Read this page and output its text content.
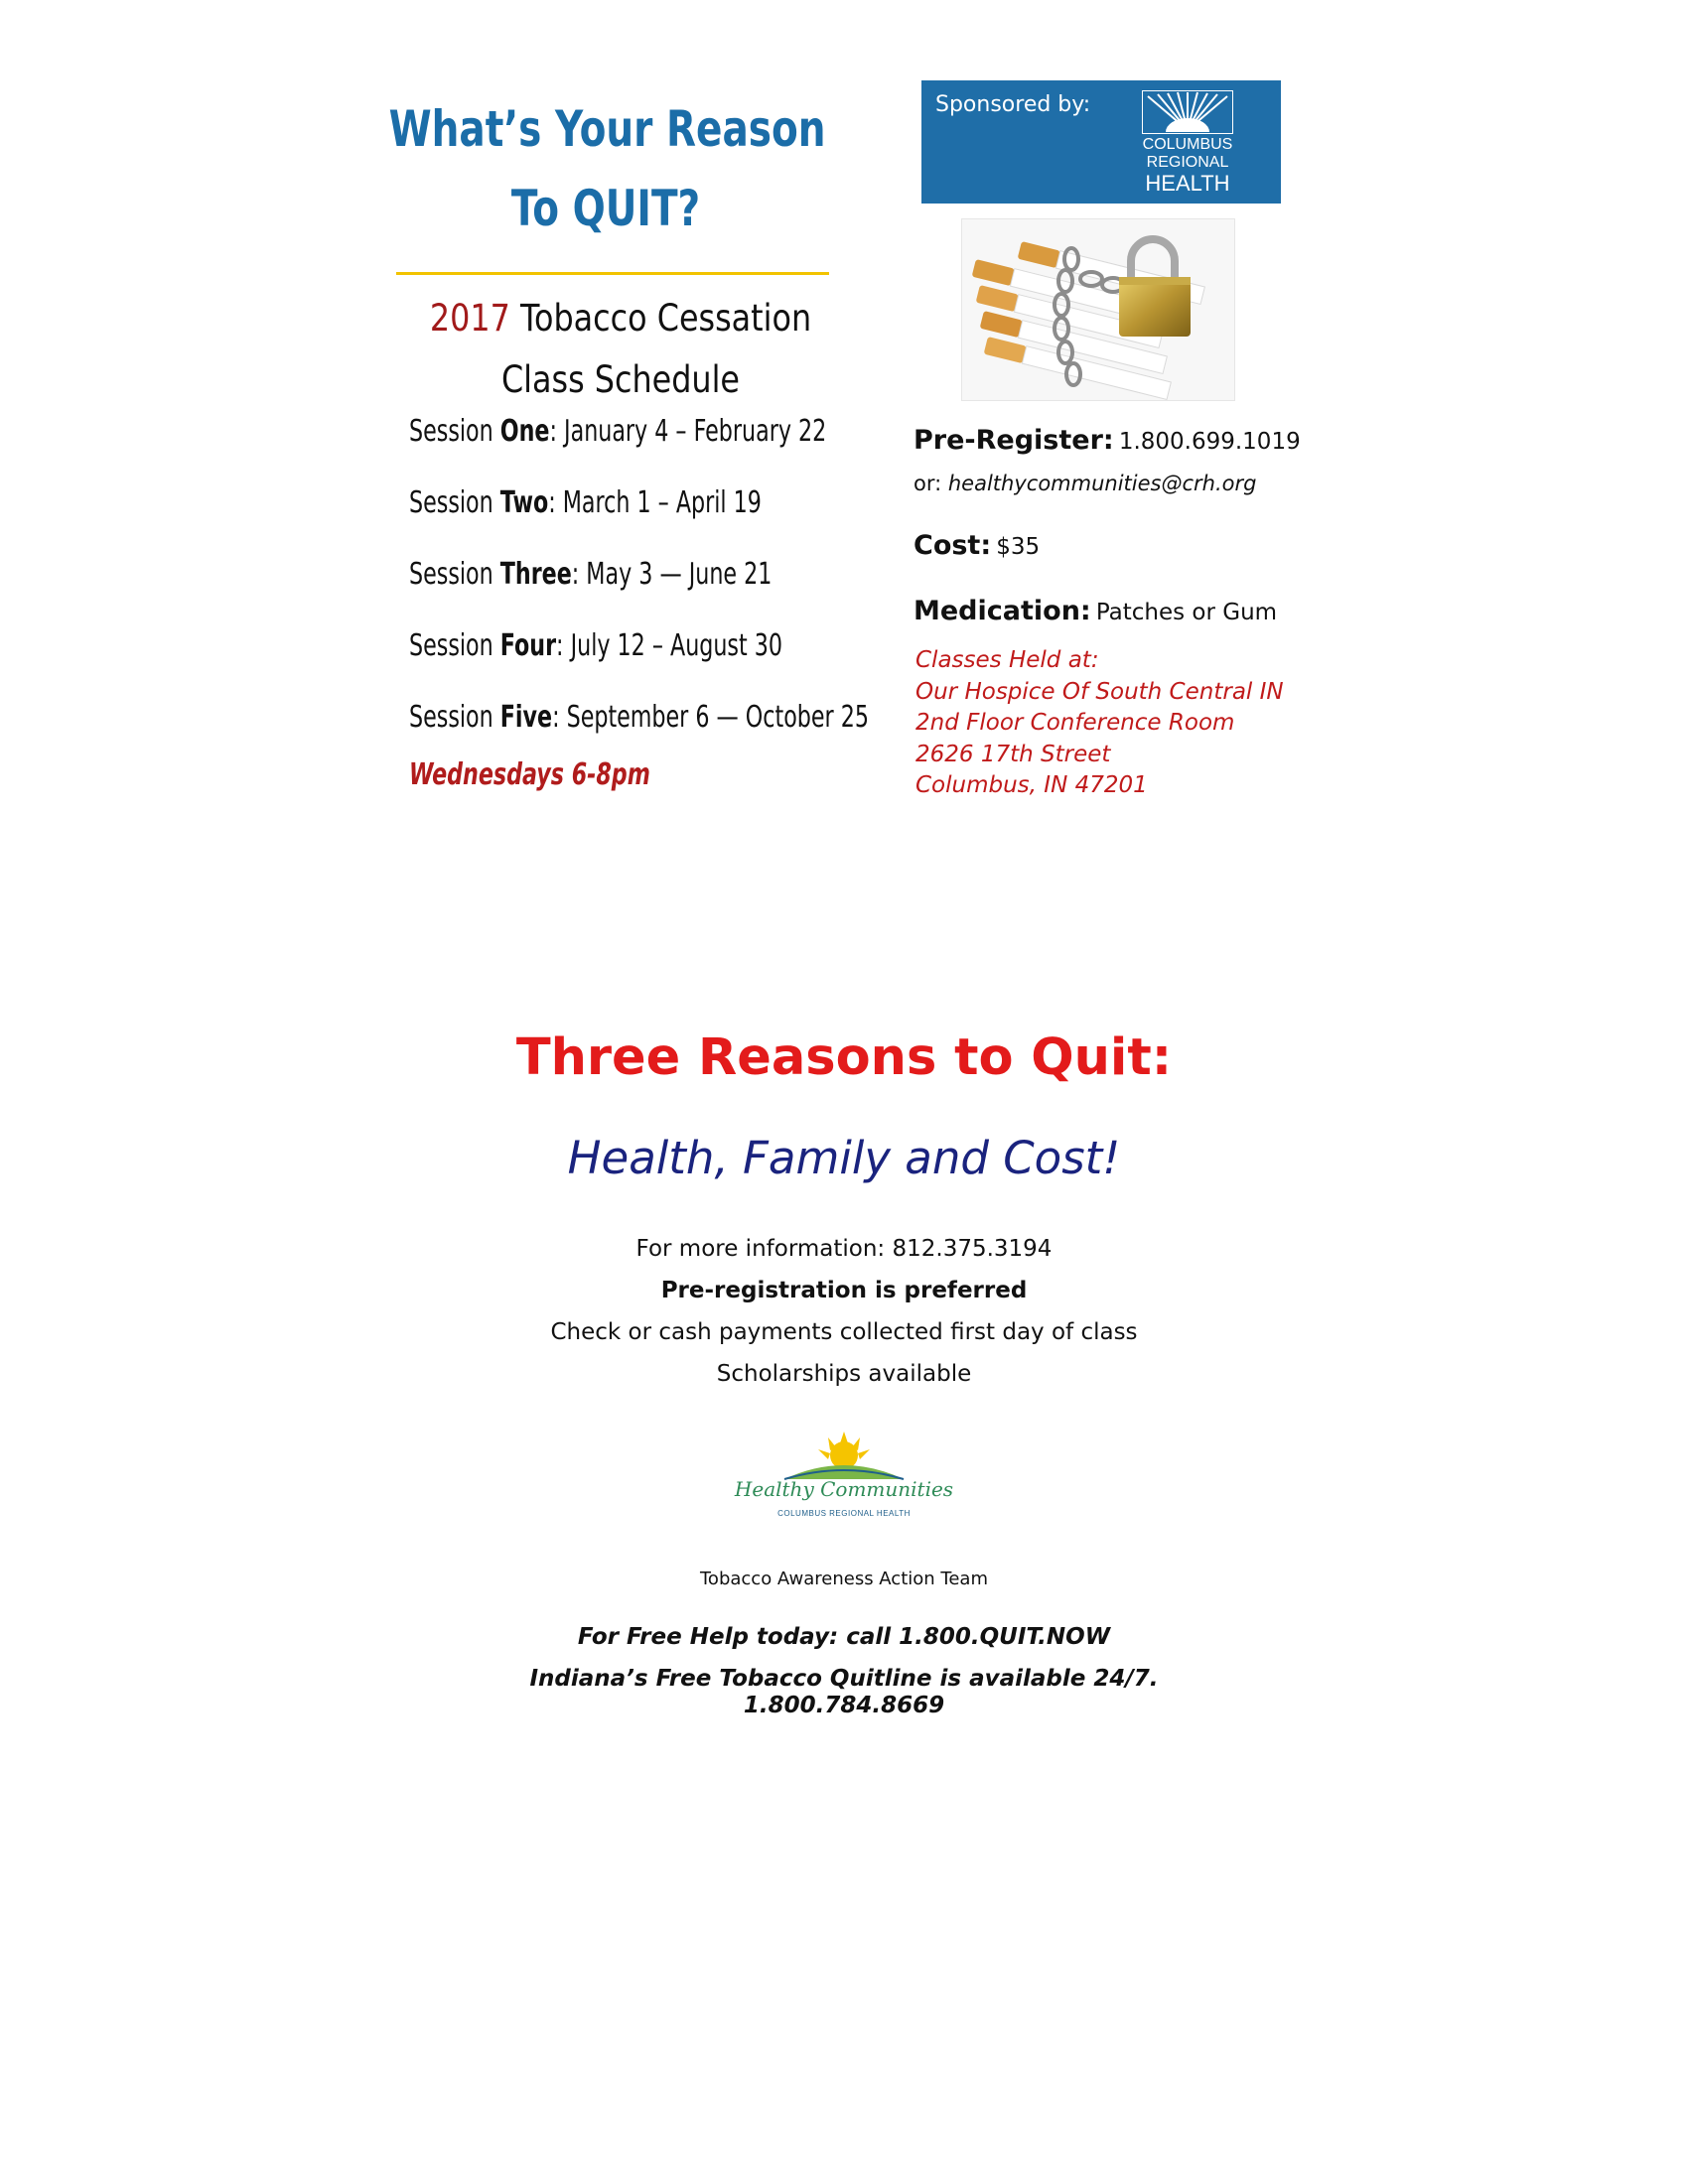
What’s Your Reason
To QUIT?
2017 Tobacco Cessation
Class Schedule
Session One: January 4 – February 22
Session Two: March 1 – April 19
Session Three: May 3 — June 21
Session Four: July 12 – August 30
Session Five: September 6 — October 25
Wednesdays 6-8pm
Sponsored by:
COLUMBUS
REGIONAL
HEALTH
Pre-Register: 1.800.699.1019
or: healthycommunities@crh.org
Cost: $35
Medication: Patches or Gum
Classes Held at:
Our Hospice Of South Central IN
2nd Floor Conference Room
2626 17th Street
Columbus, IN 47201
Three Reasons to Quit:
Health, Family and Cost!
For more information: 812.375.3194
Pre-registration is preferred
Check or cash payments collected first day of class
Scholarships available
Healthy Communities
COLUMBUS REGIONAL HEALTH
Tobacco Awareness Action Team
For Free Help today: call 1.800.QUIT.NOW
Indiana’s Free Tobacco Quitline is available 24/7.
1.800.784.8669
